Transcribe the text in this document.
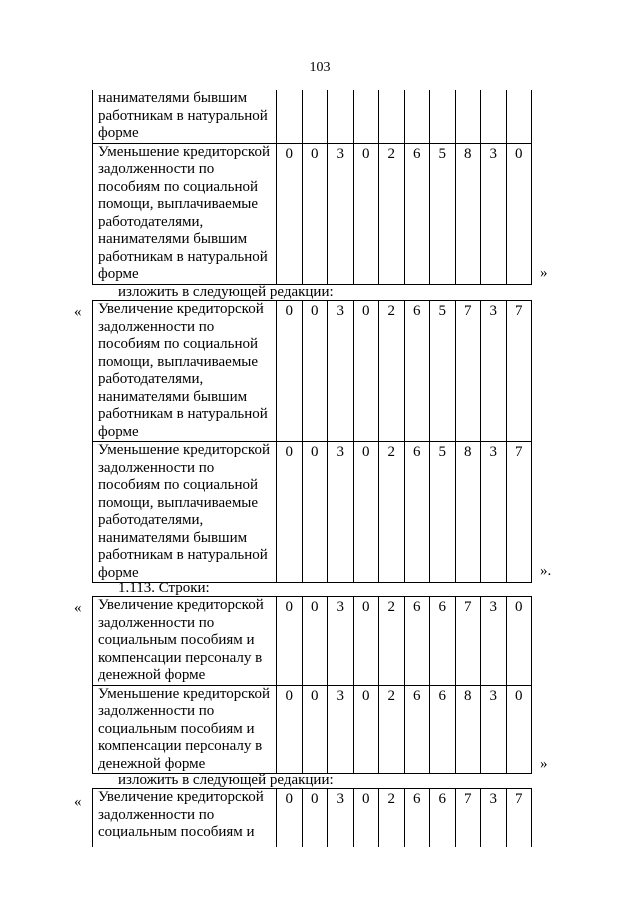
103
нанимателями бывшим работникам в натуральной форме										
Уменьшение кредиторской задолженности по пособиям по социальной помощи, выплачиваемые работодателями, нанимателями бывшим работникам в натуральной форме	0	0	3	0	2	6	5	8	3	0
»
изложить в следующей редакции:
« Увеличение кредиторской задолженности по пособиям по социальной помощи, выплачиваемые работодателями, нанимателями бывшим работникам в натуральной форме	0	0	3	0	2	6	5	7	3	7
Уменьшение кредиторской задолженности по пособиям по социальной помощи, выплачиваемые работодателями, нанимателями бывшим работникам в натуральной форме	0	0	3	0	2	6	5	8	3	7
».
1.113. Строки:
« Увеличение кредиторской задолженности по социальным пособиям и компенсации персоналу в денежной форме	0	0	3	0	2	6	6	7	3	0
Уменьшение кредиторской задолженности по социальным пособиям и компенсации персоналу в денежной форме	0	0	3	0	2	6	6	8	3	0
»
изложить в следующей редакции:
« Увеличение кредиторской задолженности по социальным пособиям и	0	0	3	0	2	6	6	7	3	7
